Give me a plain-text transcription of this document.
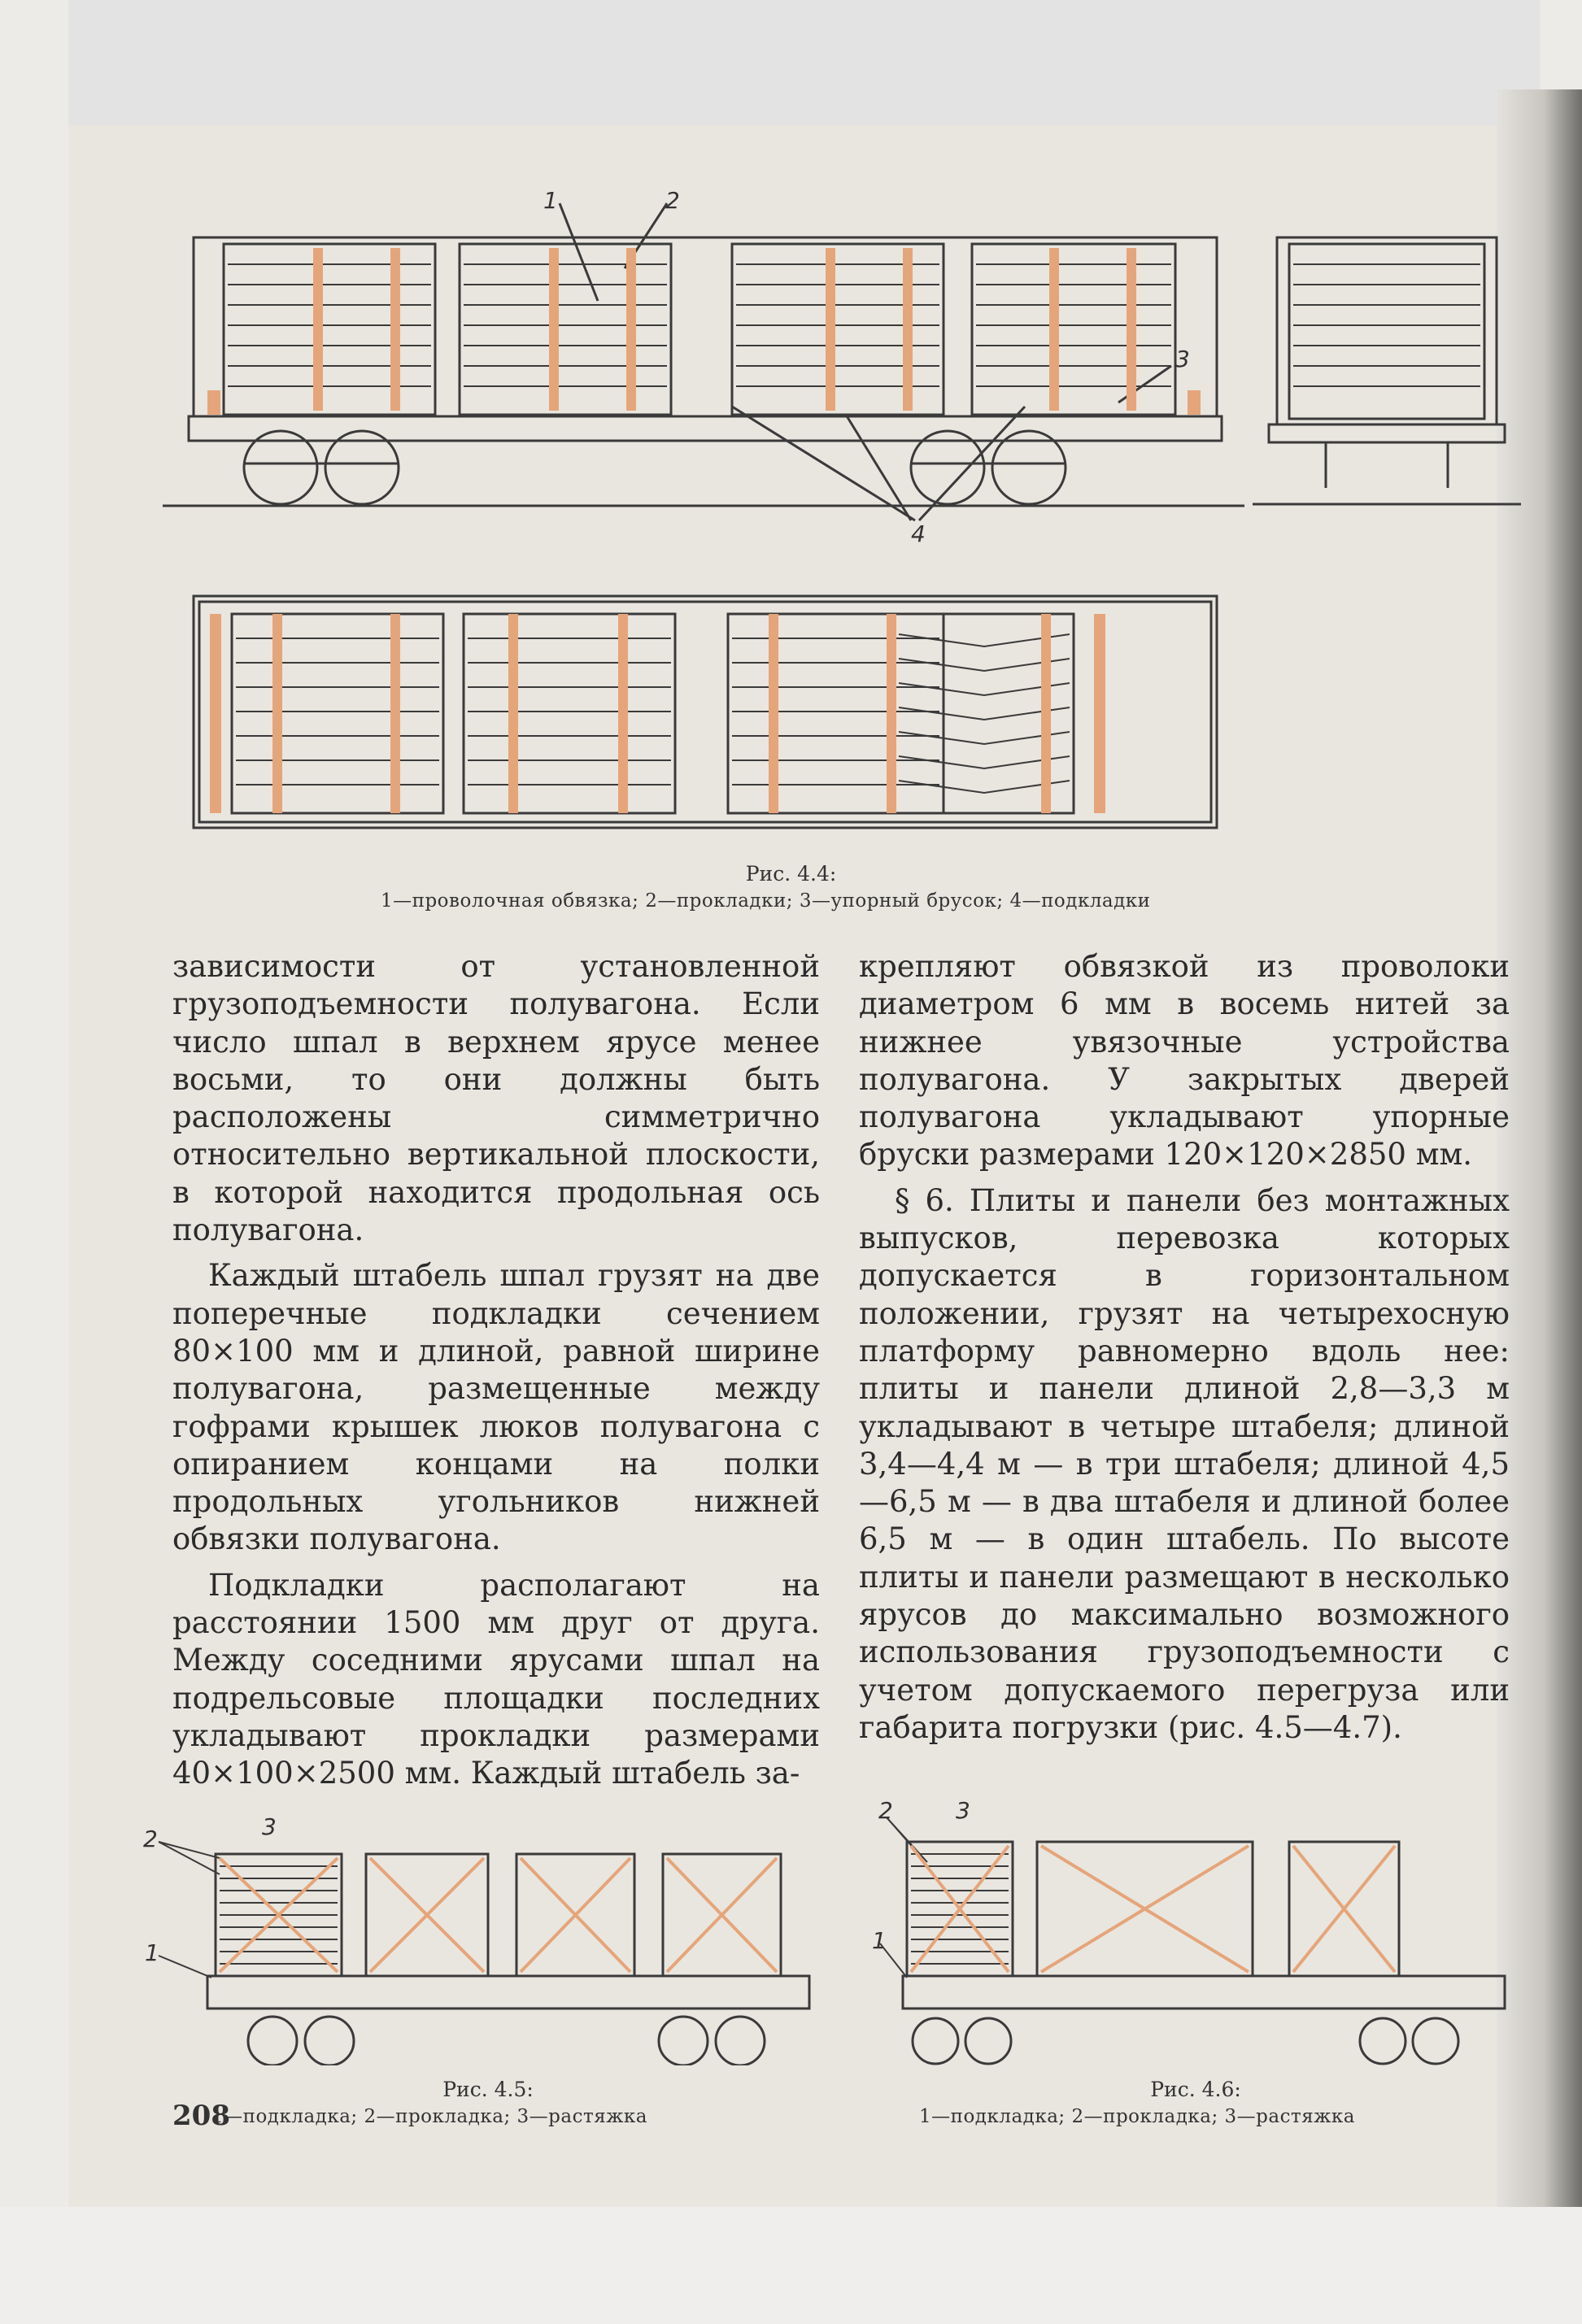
1	2
3
4
Рис. 4.4:
1—проволочная обвязка; 2—прокладки; 3—упорный брусок; 4—подкладки

зависимости от установленной грузоподъемности полувагона. Если число шпал в верхнем ярусе менее восьми, то они должны быть расположены симметрично относительно вертикальной плоскости, в которой находится продольная ось полувагона.

Каждый штабель шпал грузят на две поперечные подкладки сечением 80×100 мм и длиной, равной ширине полувагона, размещенные между гофрами крышек люков полувагона с опиранием концами на полки продольных угольников нижней обвязки полувагона.

Подкладки располагают на расстоянии 1500 мм друг от друга. Между соседними ярусами шпал на подрельсовые площадки последних укладывают прокладки размерами 40×100×2500 мм. Каждый штабель за-

крепляют обвязкой из проволоки диаметром 6 мм в восемь нитей за нижнее увязочные устройства полувагона. У закрытых дверей полувагона укладывают упорные бруски размерами 120×120×2850 мм.

§ 6. Плиты и панели без монтажных выпусков, перевозка которых допускается в горизонтальном положении, грузят на четырехосную платформу равномерно вдоль нее: плиты и панели длиной 2,8—3,3 м укладывают в четыре штабеля; длиной 3,4—4,4 м — в три штабеля; длиной 4,5—6,5 м — в два штабеля и длиной более 6,5 м — в один штабель. По высоте плиты и панели размещают в несколько ярусов до максимально возможного использования грузоподъемности с учетом допускаемого перегруза или габарита погрузки (рис. 4.5—4.7).

1
2	3
Рис. 4.5:
1—подкладка; 2—прокладка; 3—растяжка
1
2	3
Рис. 4.6:
1—подкладка; 2—прокладка; 3—растяжка
208
